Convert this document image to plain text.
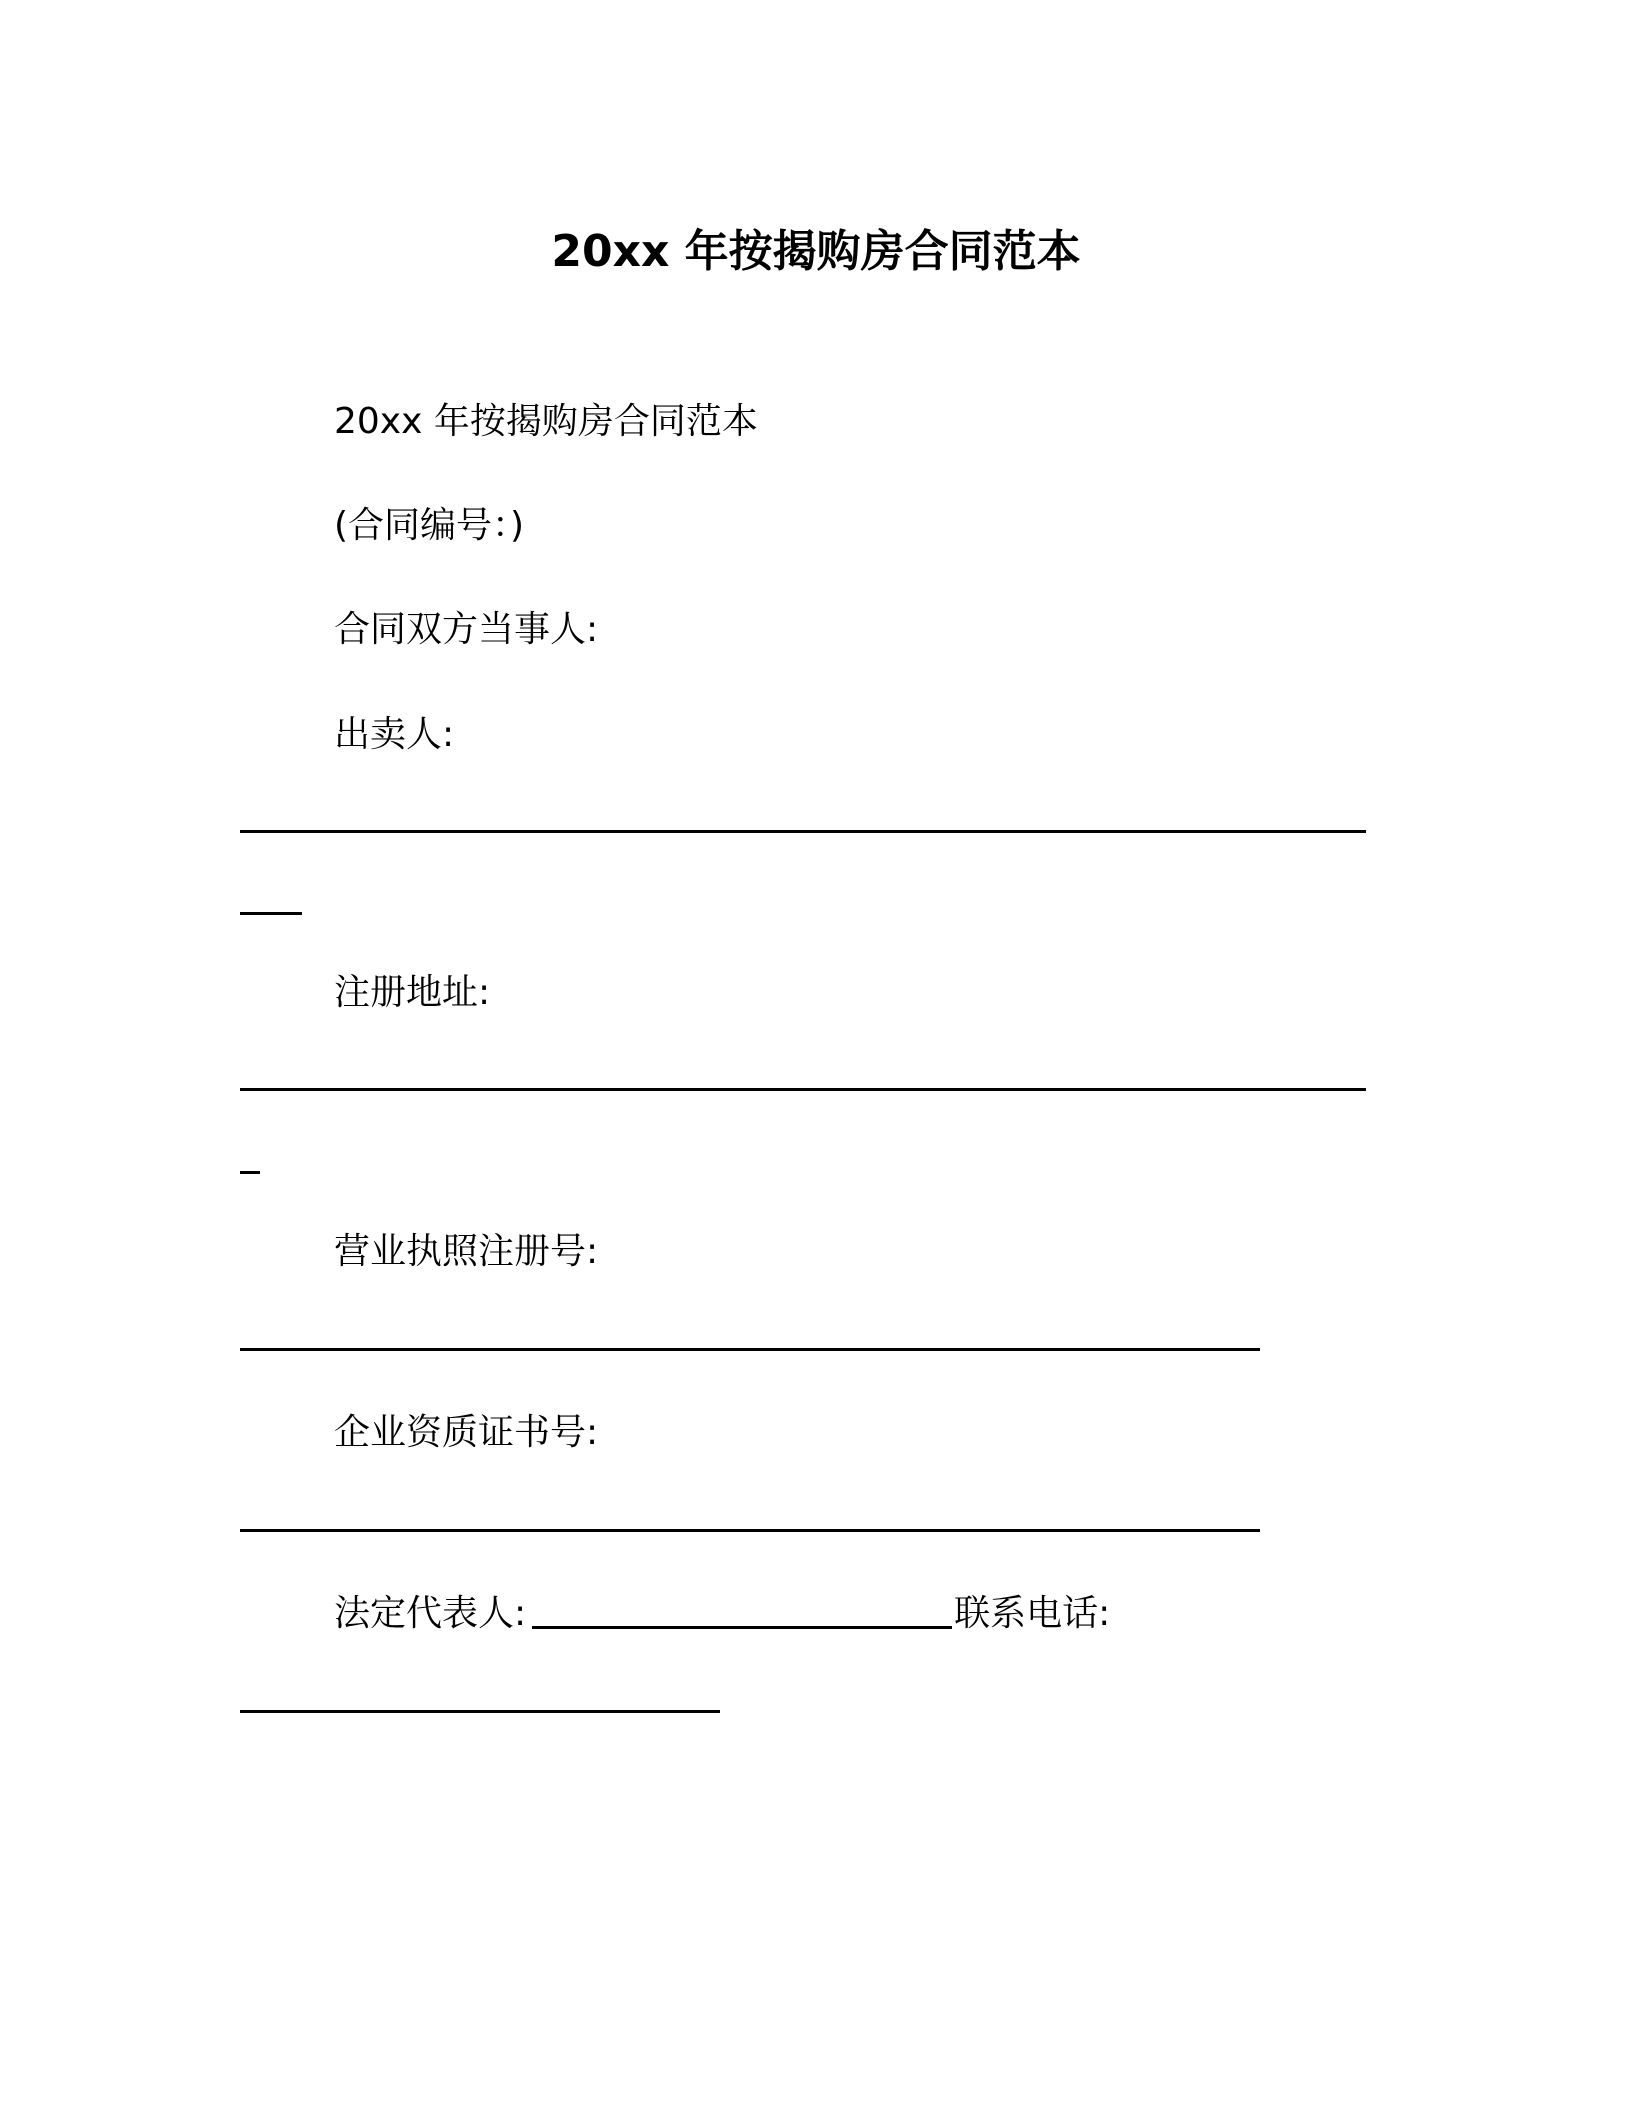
20xx 年按揭购房合同范本
20xx 年按揭购房合同范本
(合同编号：)
合同双方当事人:
出卖人:
注册地址:
营业执照注册号:
企业资质证书号:
法定代表人:	联系电话:
